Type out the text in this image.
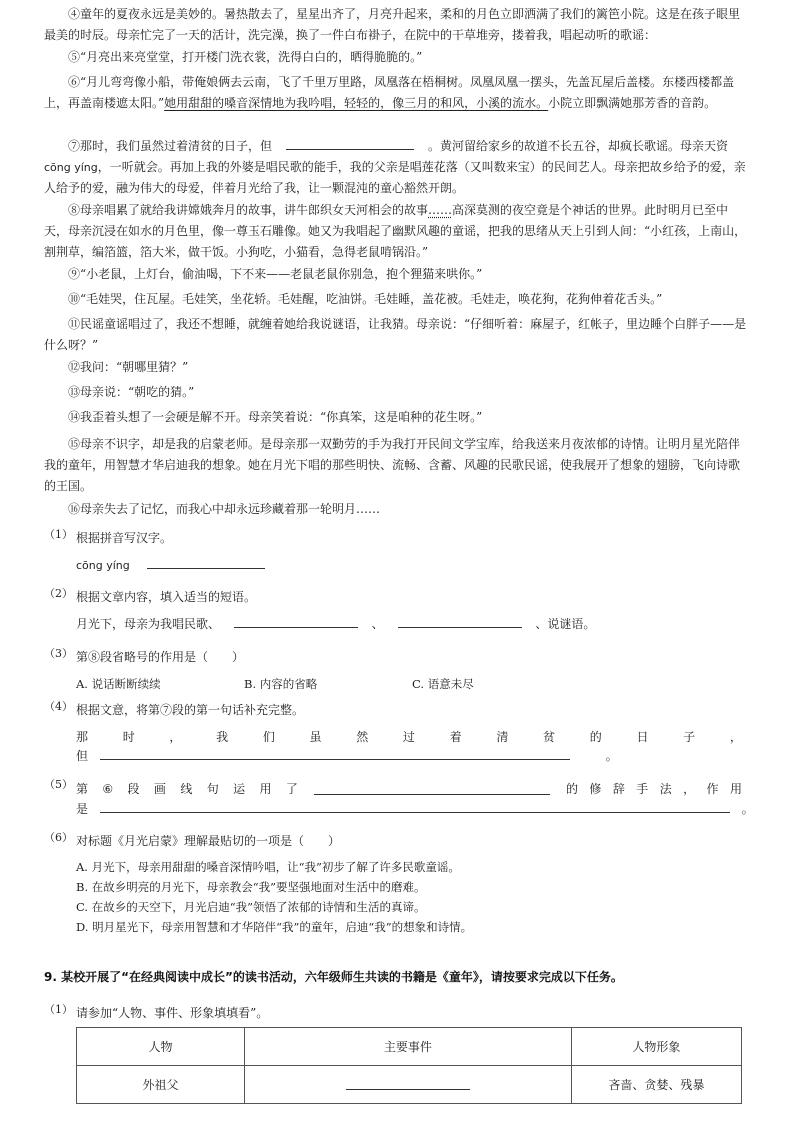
④童年的夏夜永远是美妙的。暑热散去了，星星出齐了，月亮升起来，柔和的月色立即洒满了我们的篱笆小院。这是在孩子眼里最美的时辰。母亲忙完了一天的活计，洗完澡，换了一件白布褂子，在院中的干草堆旁，搂着我，唱起动听的歌谣：

⑤“月亮出来亮堂堂，打开楼门洗衣裳，洗得白白的，晒得脆脆的。”

⑥“月儿弯弯像小船，带俺娘俩去云南，飞了千里万里路，凤凰落在梧桐树。凤凰凤凰一摆头，先盖瓦屋后盖楼。东楼西楼都盖上，再盖南楼遮太阳。”她用甜甜的嗓音深情地为我吟唱，轻轻的，像三月的和风，小溪的流水。小院立即飘满她那芳香的音韵。

⑦那时，我们虽然过着清贫的日子，但	。黄河留给家乡的故道不长五谷，却疯长歌谣。母亲天资
cōng yíng，一听就会。再加上我的外婆是唱民歌的能手，我的父亲是唱莲花落（又叫数来宝）的民间艺人。母亲把故乡给予的爱，亲人给予的爱，融为伟大的母爱，伴着月光给了我，让一颗混沌的童心豁然开朗。

⑧母亲唱累了就给我讲嫦娥奔月的故事，讲牛郎织女天河相会的故事……高深莫测的夜空竟是个神话的世界。此时明月已至中天，母亲沉浸在如水的月色里，像一尊玉石雕像。她又为我唱起了幽默风趣的童谣，把我的思绪从天上引到人间：“小红孩，上南山，割荆草，编箔篮，箔大米，做干饭。小狗吃，小猫看，急得老鼠啃锅沿。”

⑨“小老鼠，上灯台，偷油喝，下不来——老鼠老鼠你别急，抱个狸猫来哄你。”

⑩“毛娃哭，住瓦屋。毛娃笑，坐花轿。毛娃醒，吃油饼。毛娃睡，盖花被。毛娃走，唤花狗，花狗伸着花舌头。”

⑪民谣童谣唱过了，我还不想睡，就缠着她给我说谜语，让我猜。母亲说：“仔细听着：麻屋子，红帐子，里边睡个白胖子——是什么呀？”

⑫我问：“朝哪里猜？”

⑬母亲说：“朝吃的猜。”

⑭我歪着头想了一会硬是解不开。母亲笑着说：“你真笨，这是咱种的花生呀。”

⑮母亲不识字，却是我的启蒙老师。是母亲那一双勤劳的手为我打开民间文学宝库，给我送来月夜浓郁的诗情。让明月星光陪伴我的童年，用智慧才华启迪我的想象。她在月光下唱的那些明快、流畅、含蓄、风趣的民歌民谣，使我展开了想象的翅膀，飞向诗歌的王国。

⑯母亲失去了记忆，而我心中却永远珍藏着那一轮明月……

（1） 根据拼音写汉字。
cōng yíng
（2） 根据文章内容，填入适当的短语。
月光下，母亲为我唱民歌、	、	、说谜语。
（3） 第⑧段省略号的作用是（　　）
A. 说话断断续续	B. 内容的省略	C. 语意未尽
（4） 根据文意，将第⑦段的第一句话补充完整。
那	时	，	我	们	虽	然	过	着	清	贫	的	日	子	，
但	。
（5） 第 ⑥ 段 画 线 句 运 用 了	的 修 辞 手 法 ， 作 用
是	。
（6） 对标题《月光启蒙》理解最贴切的一项是（　　）
A. 月光下，母亲用甜甜的嗓音深情吟唱，让“我”初步了解了许多民歌童谣。
B. 在故乡明亮的月光下，母亲教会“我”要坚强地面对生活中的磨难。
C. 在故乡的天空下，月光启迪“我”领悟了浓郁的诗情和生活的真谛。
D. 明月星光下，母亲用智慧和才华陪伴“我”的童年，启迪“我”的想象和诗情。
9. 某校开展了“在经典阅读中成长”的读书活动，六年级师生共读的书籍是《童年》，请按要求完成以下任务。
（1） 请参加“人物、事件、形象填填看”。
人物	主要事件	人物形象
外祖父		吝啬、贪婪、残暴
